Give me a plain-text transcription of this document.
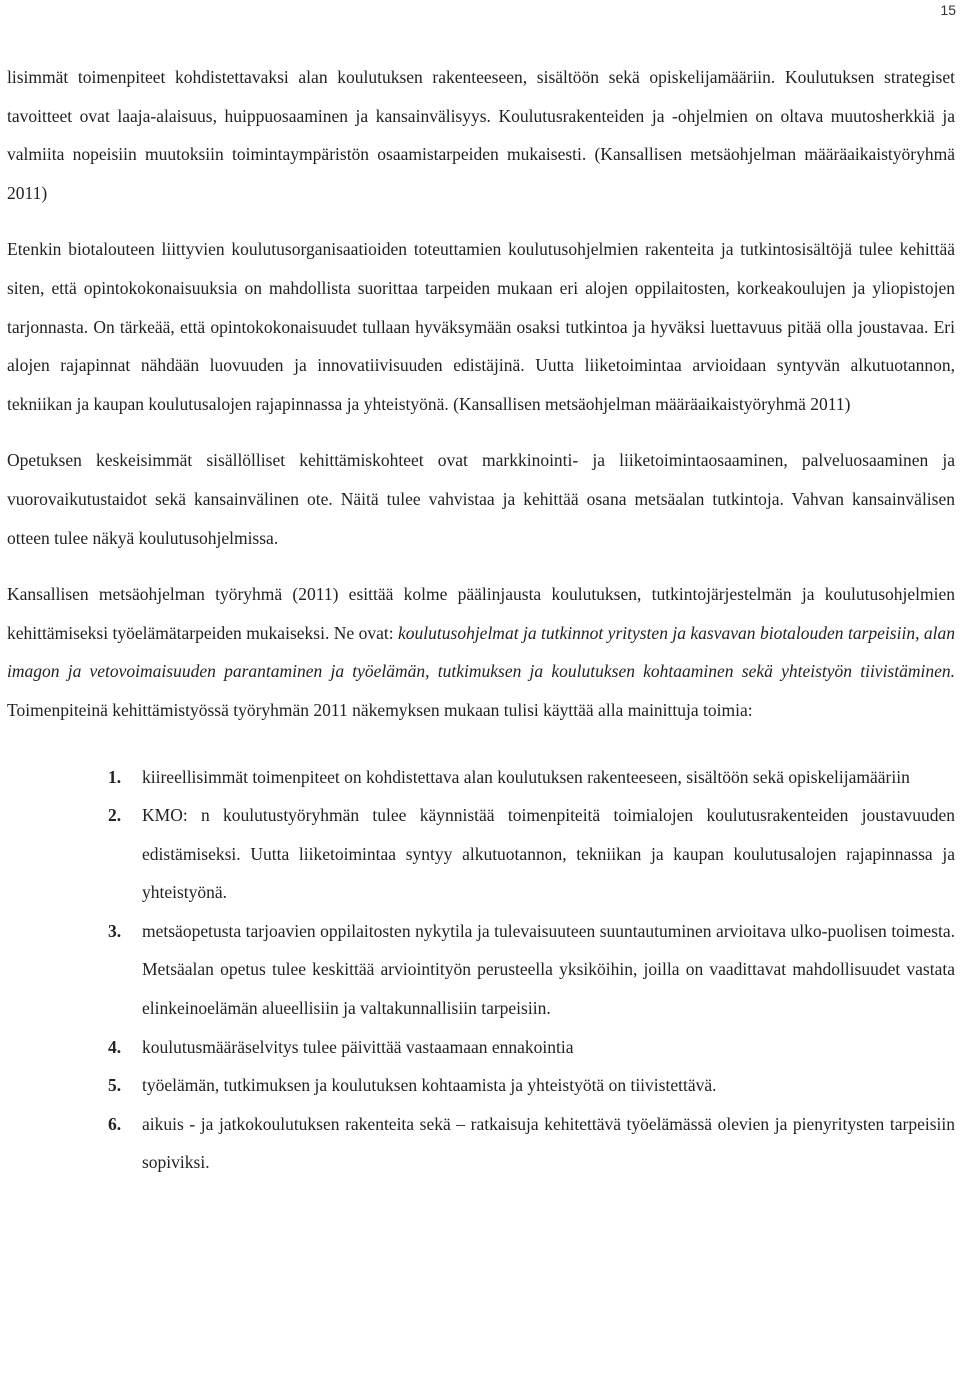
15

lisimmät toimenpiteet kohdistettavaksi alan koulutuksen rakenteeseen, sisältöön sekä opiskelijamääriin. Koulutuksen strategiset tavoitteet ovat laaja-alaisuus, huippuosaaminen ja kansainvälisyys. Koulutusrakenteiden ja -ohjelmien on oltava muutosherkkiä ja valmiita nopeisiin muutoksiin toimintaympäristön osaamistarpeiden mukaisesti. (Kansallisen metsäohjelman määräaikaistyöryhmä 2011)

Etenkin biotalouteen liittyvien koulutusorganisaatioiden toteuttamien koulutusohjelmien rakenteita ja tutkintosisältöjä tulee kehittää siten, että opintokokonaisuuksia on mahdollista suorittaa tarpeiden mukaan eri alojen oppilaitosten, korkeakoulujen ja yliopistojen tarjonnasta. On tärkeää, että opintokokonaisuudet tullaan hyväksymään osaksi tutkintoa ja hyväksi luettavuus pitää olla joustavaa. Eri alojen rajapinnat nähdään luovuuden ja innovatiivisuuden edistäjinä. Uutta liiketoimintaa arvioidaan syntyvän alkutuotannon, tekniikan ja kaupan koulutusalojen rajapinnassa ja yhteistyönä. (Kansallisen metsäohjelman määräaikaistyöryhmä 2011)

Opetuksen keskeisimmät sisällölliset kehittämiskohteet ovat markkinointi- ja liiketoimintaosaaminen, palveluosaaminen ja vuorovaikutustaidot sekä kansainvälinen ote. Näitä tulee vahvistaa ja kehittää osana metsäalan tutkintoja. Vahvan kansainvälisen otteen tulee näkyä koulutusohjelmissa.

Kansallisen metsäohjelman työryhmä (2011) esittää kolme päälinjausta koulutuksen, tutkintojärjestelmän ja koulutusohjelmien kehittämiseksi työelämätarpeiden mukaiseksi. Ne ovat: koulutusohjelmat ja tutkinnot yritysten ja kasvavan biotalouden tarpeisiin, alan imagon ja vetovoimaisuuden parantaminen ja työelämän, tutkimuksen ja koulutuksen kohtaaminen sekä yhteistyön tiivistäminen. Toimenpiteinä kehittämistyössä työryhmän 2011 näkemyksen mukaan tulisi käyttää alla mainittuja toimia:

1. kiireellisimmät toimenpiteet on kohdistettava alan koulutuksen rakenteeseen, sisältöön sekä opiskelijamääriin
2. KMO: n koulutustyöryhmän tulee käynnistää toimenpiteitä toimialojen koulutusrakenteiden joustavuuden edistämiseksi. Uutta liiketoimintaa syntyy alkutuotannon, tekniikan ja kaupan koulutusalojen rajapinnassa ja yhteistyönä.
3. metsäopetusta tarjoavien oppilaitosten nykytila ja tulevaisuuteen suuntautuminen arvioitava ulko-puolisen toimesta. Metsäalan opetus tulee keskittää arviointityön perusteella yksiköihin, joilla on vaadittavat mahdollisuudet vastata elinkeinoelämän alueellisiin ja valtakunnallisiin tarpeisiin.
4. koulutusmääräselvitys tulee päivittää vastaamaan ennakointia
5. työelämän, tutkimuksen ja koulutuksen kohtaamista ja yhteistyötä on tiivistettävä.
6. aikuis - ja jatkokoulutuksen rakenteita sekä – ratkaisuja kehitettävä työelämässä olevien ja pienyritysten tarpeisiin sopiviksi.
